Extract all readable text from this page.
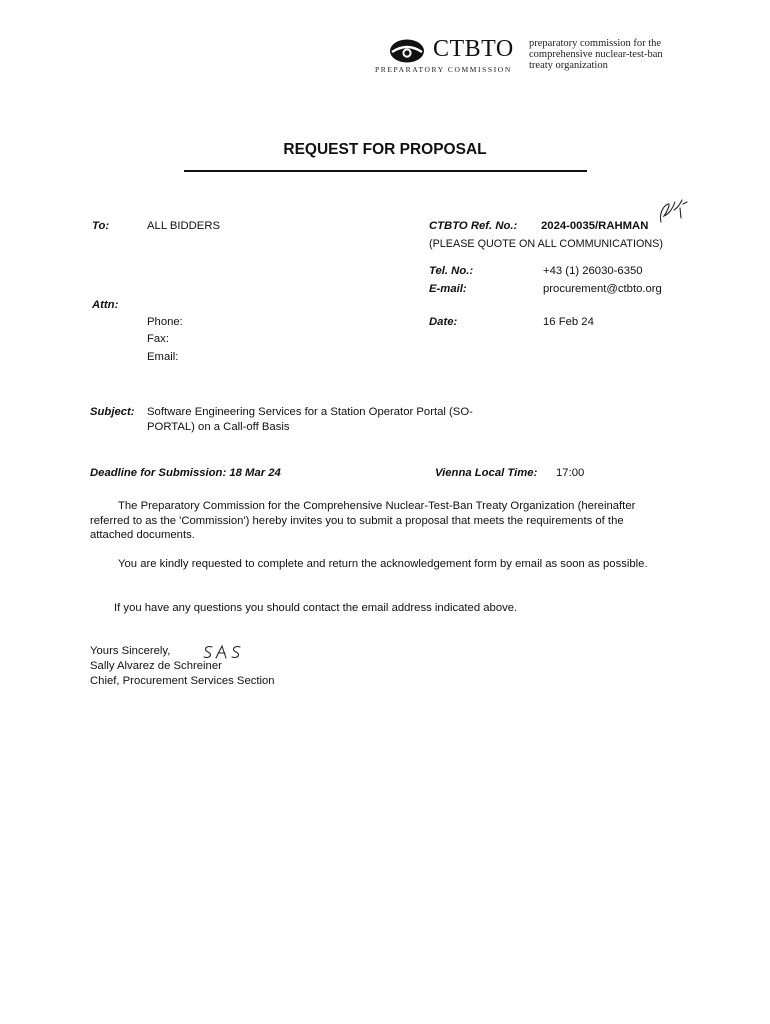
CTBTO
PREPARATORY COMMISSION
preparatory commission for the
comprehensive nuclear-test-ban
treaty organization
REQUEST FOR PROPOSAL
To:	ALL BIDDERS
Attn:
Phone:
Fax:
Email:
CTBTO Ref. No.: 2024-0035/RAHMAN
(PLEASE QUOTE ON ALL COMMUNICATIONS)
Tel. No.:	+43 (1) 26030-6350
E-mail:	procurement@ctbto.org
Date:	16 Feb 24
Subject: Software Engineering Services for a Station Operator Portal (SO-
PORTAL) on a Call-off Basis
Deadline for Submission: 18 Mar 24	Vienna Local Time: 17:00
The Preparatory Commission for the Comprehensive Nuclear-Test-Ban Treaty Organization (hereinafter referred to as the 'Commission') hereby invites you to submit a proposal that meets the requirements of the attached documents.
You are kindly requested to complete and return the acknowledgement form by email as soon as possible.
If you have any questions you should contact the email address indicated above.
Yours Sincerely,
Sally Alvarez de Schreiner
Chief, Procurement Services Section
